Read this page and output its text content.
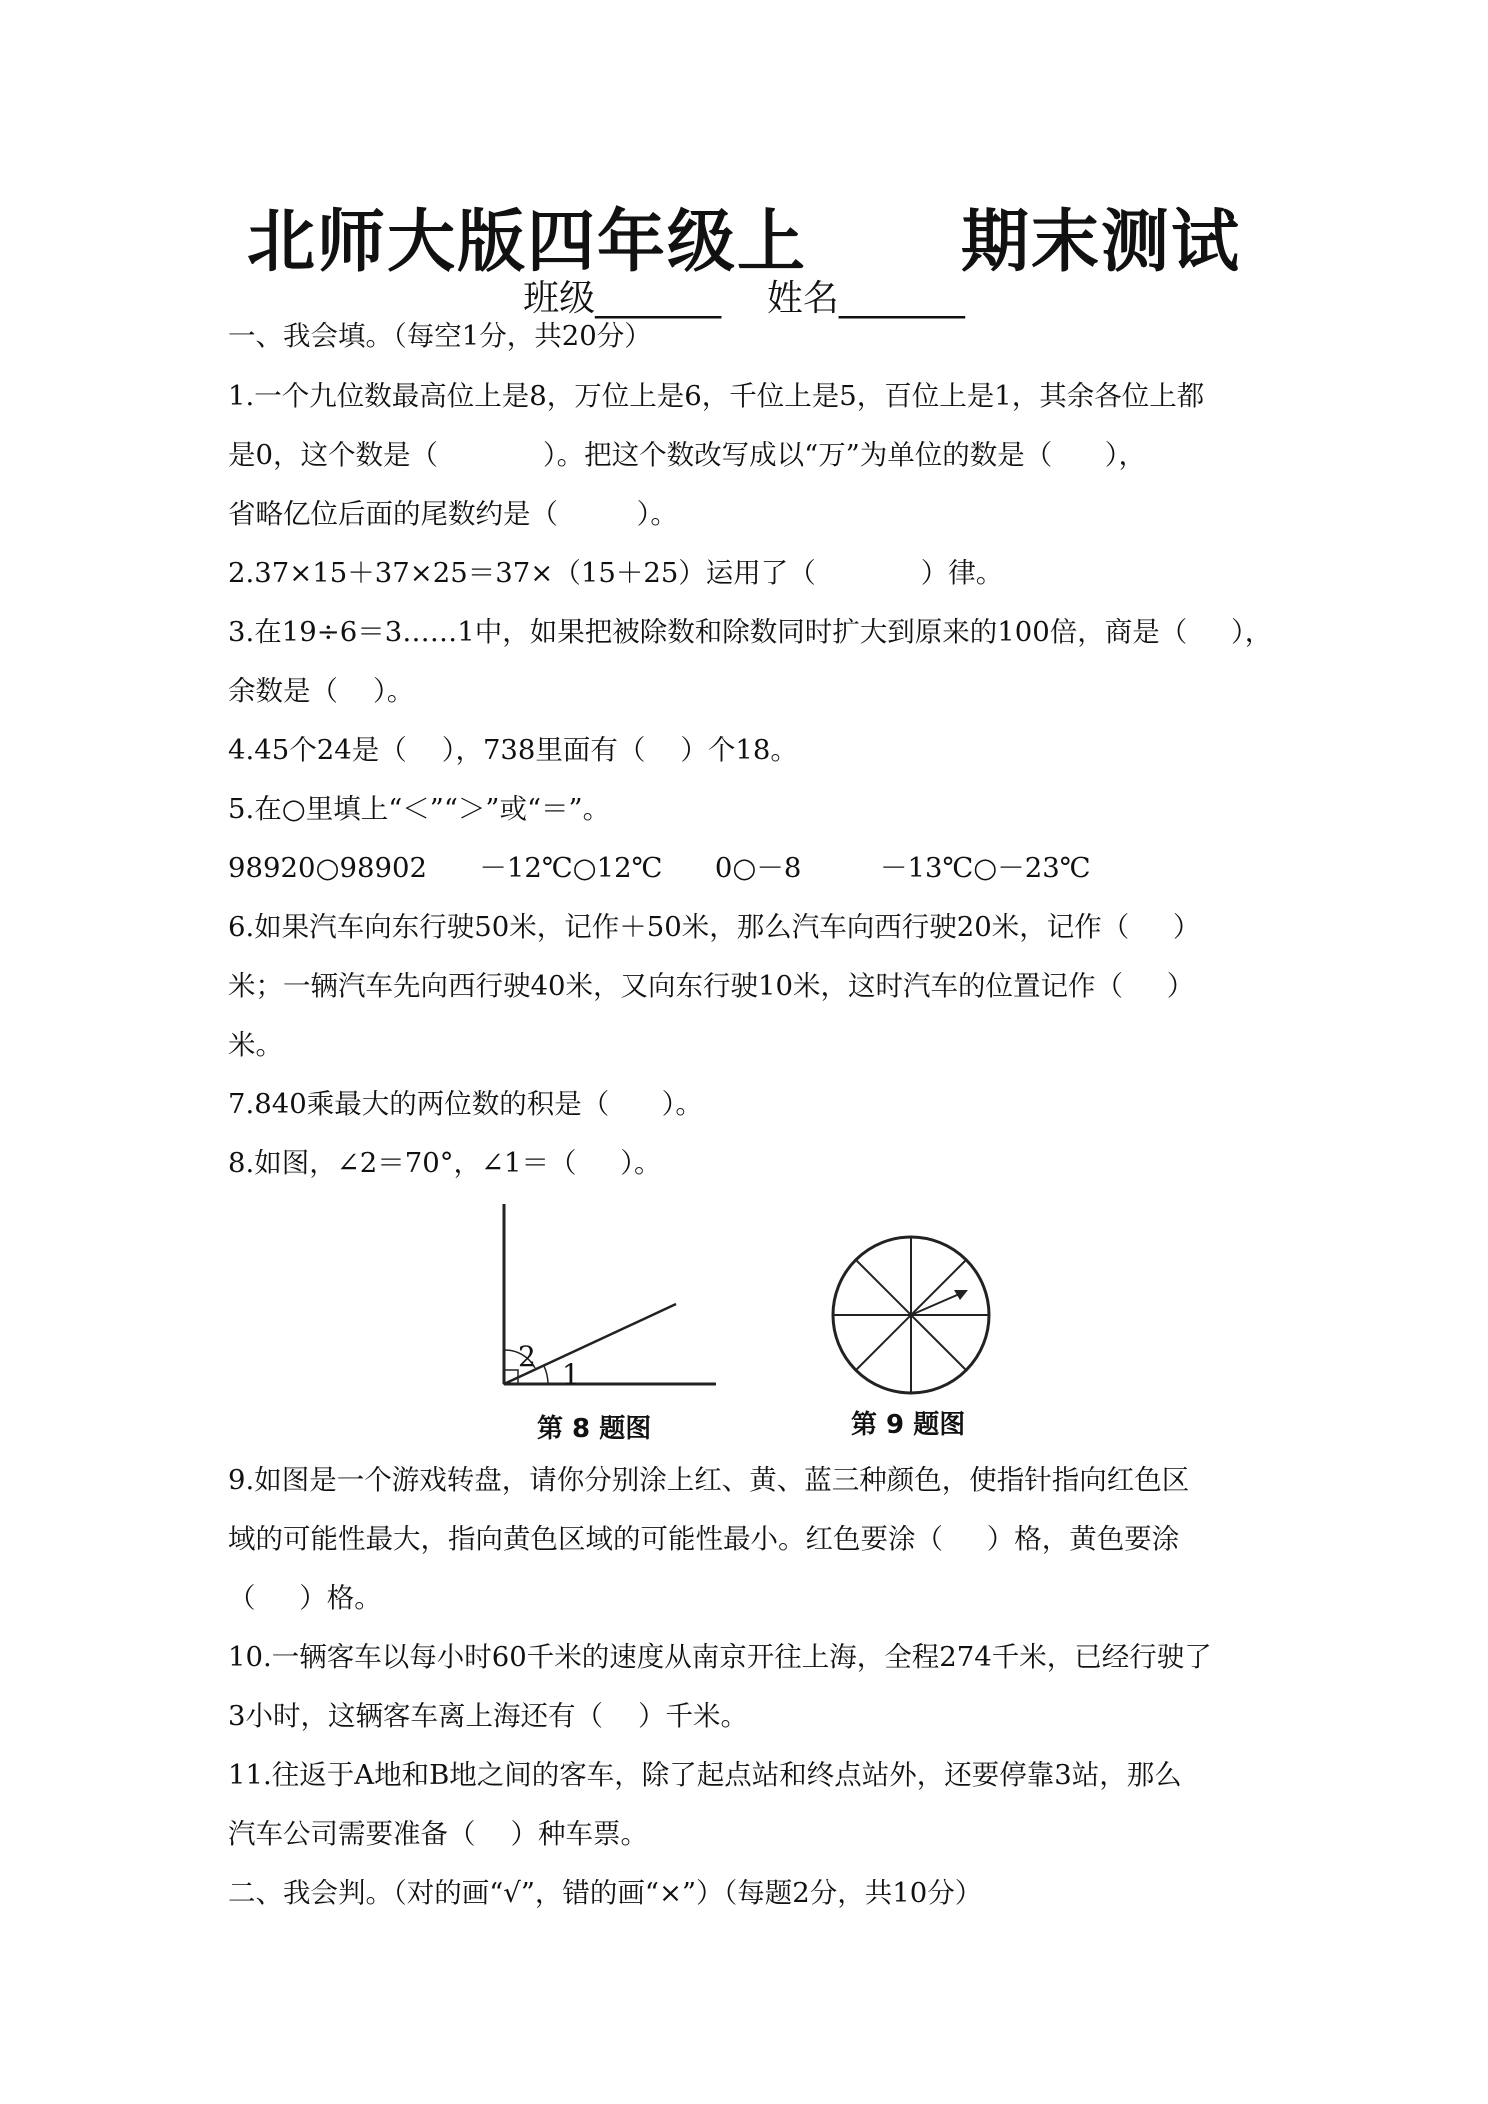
北师大版四年级上      期末测试
班级_______    姓名_______
一、我会填。（每空1分，共20分）
1.一个九位数最高位上是8，万位上是6，千位上是5，百位上是1，其余各位上都
是0，这个数是（            ）。把这个数改写成以“万”为单位的数是（      ），
省略亿位后面的尾数约是（         ）。
2.37×15＋37×25＝37×（15＋25）运用了（            ）律。
3.在19÷6＝3……1中，如果把被除数和除数同时扩大到原来的100倍，商是（     ），
余数是（    ）。
4.45个24是（    ），738里面有（    ）个18。
5.在○里填上“＜”“＞”或“＝”。
98920○98902      －12℃○12℃      0○－8         －13℃○－23℃
6.如果汽车向东行驶50米，记作＋50米，那么汽车向西行驶20米，记作（     ）
米；一辆汽车先向西行驶40米，又向东行驶10米，这时汽车的位置记作（     ）
米。
7.840乘最大的两位数的积是（      ）。
8.如图，∠2＝70°，∠1＝（     ）。
2
1
第 8 题图	第 9 题图
9.如图是一个游戏转盘，请你分别涂上红、黄、蓝三种颜色，使指针指向红色区
域的可能性最大，指向黄色区域的可能性最小。红色要涂（     ）格，黄色要涂
（     ）格。
10.一辆客车以每小时60千米的速度从南京开往上海，全程274千米，已经行驶了
3小时，这辆客车离上海还有（    ）千米。
11.往返于A地和B地之间的客车，除了起点站和终点站外，还要停靠3站，那么
汽车公司需要准备（    ）种车票。
二、我会判。（对的画“√”，错的画“×”）（每题2分，共10分）
